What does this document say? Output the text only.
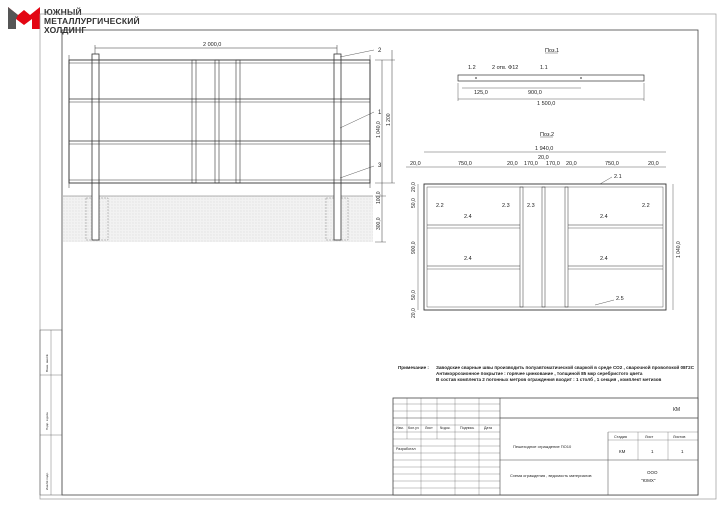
ЮЖНЫЙ
МЕТАЛЛУРГИЧЕСКИЙ
ХОЛДИНГ
Взам. инв.№
Подп. и дата
Инв.№ подл.
2 000,0
1 040,0
1 200
100,0
300,0
2
1
3
Поз.1
1.2	2 отв. Ф12	1.1
125,0	900,0
1 500,0
Поз.2
1 940,0
20,0
20,0	750,0	20,0 170,0 170,0 20,0	750,0	20,0
20,0
50,0
900,0
50,0
20,0
1 040,0
2.1
2.2	2.2
2.3	2.3
2.4	2.4
2.4	2.4
2.5
Изм. Кол.уч Лист №док.	Подпись	Дата
Разработал
КМ
Стадия	Лист	Листов
КМ	1	1
Пешеходное ограждение ПО10
Схема ограждения , ведомость материалов
ООО
"ЮМХ"
Примечание : Заводские сварные швы производить полуавтоматической сваркой в среде СО2 , сварочной проволокой 08Г2С
Антикоррозионное покрытие : горячее цинкование , толщиной 85 мкр серебристого цвета
В состав комплекта 2 погонных метров ограждения входит : 1 столб , 1 секция , комплект метизов
